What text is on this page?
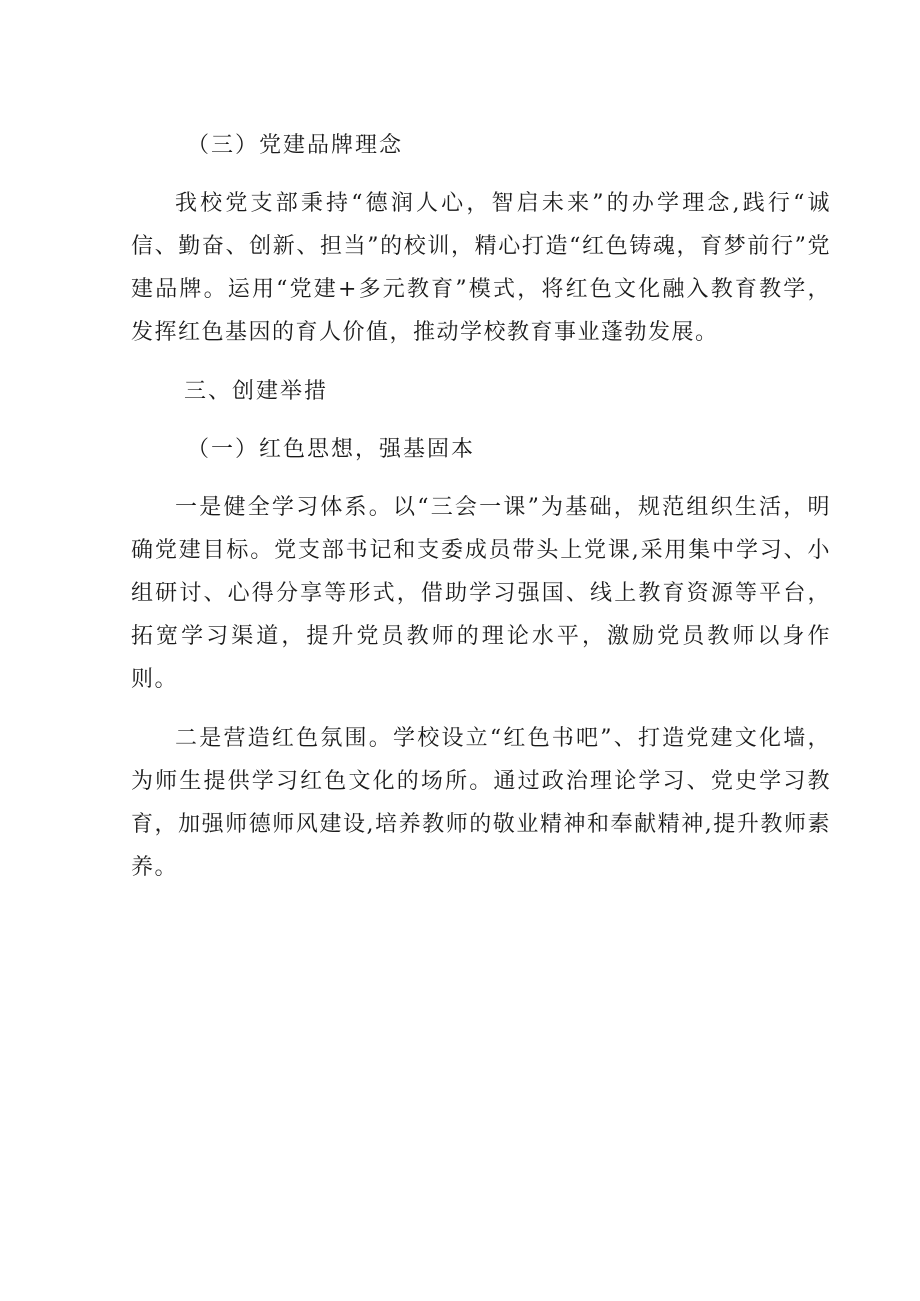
（三）党建品牌理念

我校党支部秉持“德润人心，智启未来”的办学理念,践行“诚信、勤奋、创新、担当”的校训，精心打造“红色铸魂，育梦前行”党建品牌。运用“党建+多元教育”模式，将红色文化融入教育教学，发挥红色基因的育人价值，推动学校教育事业蓬勃发展。

三、创建举措
（一）红色思想，强基固本

一是健全学习体系。以“三会一课”为基础，规范组织生活，明确党建目标。党支部书记和支委成员带头上党课,采用集中学习、小组研讨、心得分享等形式，借助学习强国、线上教育资源等平台，拓宽学习渠道，提升党员教师的理论水平，激励党员教师以身作则。

二是营造红色氛围。学校设立“红色书吧”、打造党建文化墙，为师生提供学习红色文化的场所。通过政治理论学习、党史学习教育，加强师德师风建设,培养教师的敬业精神和奉献精神,提升教师素养。
